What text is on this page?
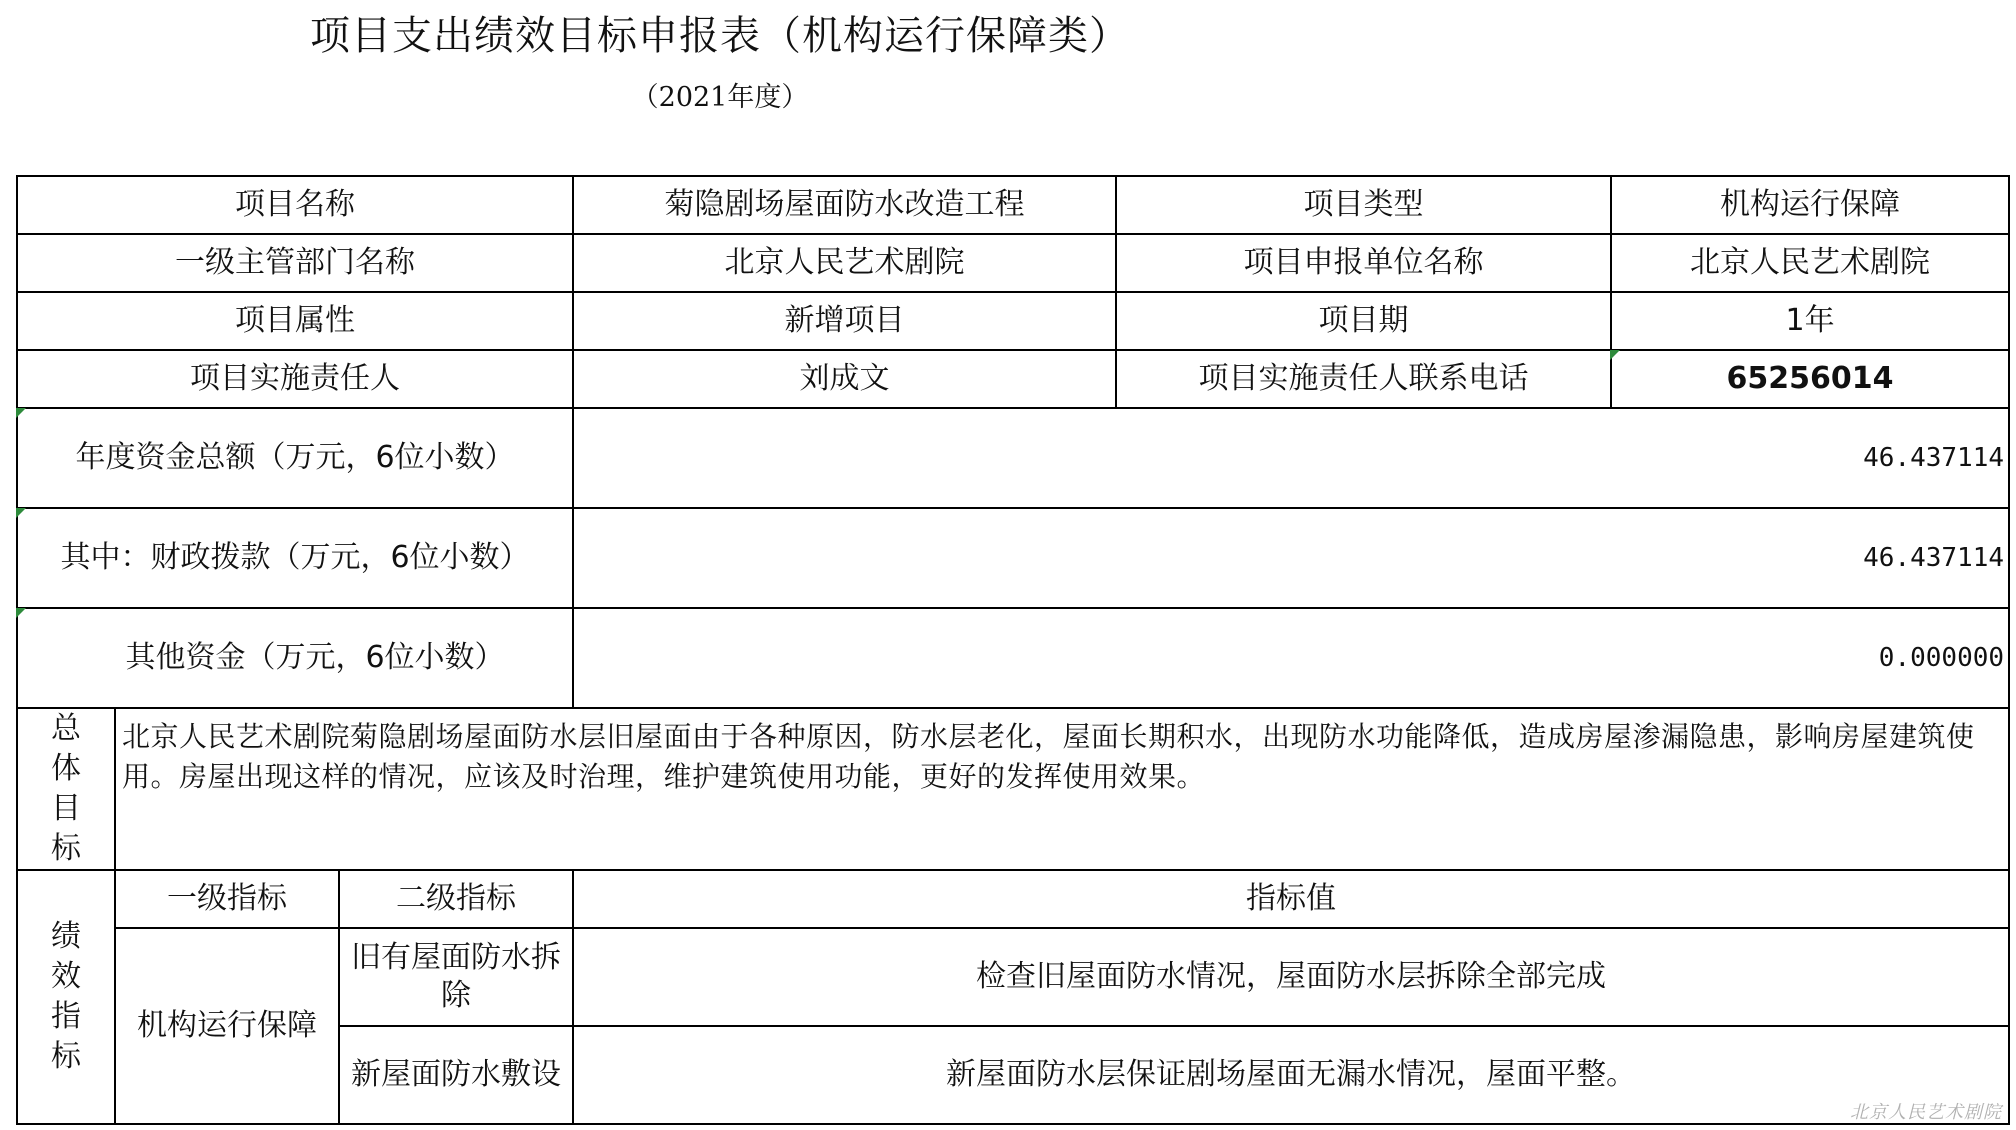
项目支出绩效目标申报表（机构运行保障类）
（2021年度）
项目名称			菊隐剧场屋面防水改造工程	项目类型	机构运行保障
一级主管部门名称			北京人民艺术剧院	项目申报单位名称	北京人民艺术剧院
项目属性			新增项目	项目期	1年
项目实施责任人			刘成文	项目实施责任人联系电话	65256014
年度资金总额（万元，6位小数）			46.437114		
其中：财政拨款（万元，6位小数）			46.437114		
其他资金（万元，6位小数）			0.000000		

总
体
目
标	北京人民艺术剧院菊隐剧场屋面防水层旧屋面由于各种原因，防水层老化，屋面长期积水，出现防水功能降低，造成房屋渗漏隐患，影响房屋建筑使用。房屋出现这样的情况，应该及时治理，维护建筑使用功能，更好的发挥使用效果。				

绩
效
指
标	一级指标	二级指标	指标值		
	机构运行保障	旧有屋面防水拆除	检查旧屋面防水情况，屋面防水层拆除全部完成		
		新屋面防水敷设	新屋面防水层保证剧场屋面无漏水情况，屋面平整。		
北京人民艺术剧院
